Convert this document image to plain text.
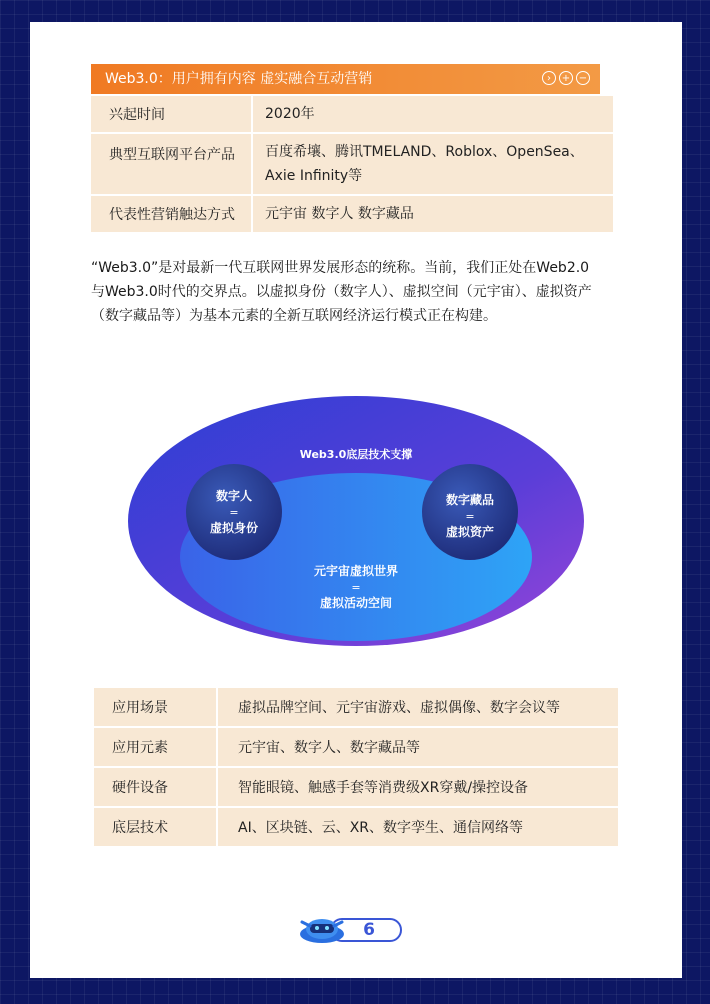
Web3.0：用户拥有内容 虚实融合互动营销	›	+ −
兴起时间	2020年
典型互联网平台产品	百度希壤、腾讯TMELAND、Roblox、OpenSea、
Axie Infinity等
代表性营销触达方式	元宇宙 数字人 数字藏品
“Web3.0”是对最新一代互联网世界发展形态的统称。当前，我们正处在Web2.0
与Web3.0时代的交界点。以虚拟身份（数字人）、虚拟空间（元宇宙）、虚拟资产
（数字藏品等）为基本元素的全新互联网经济运行模式正在构建。
Web3.0底层技术支撑
数字人
=
虚拟身份
数字藏品
=
虚拟资产
元宇宙虚拟世界
=
虚拟活动空间
应用场景	虚拟品牌空间、元宇宙游戏、虚拟偶像、数字会议等
应用元素	元宇宙、数字人、数字藏品等
硬件设备	智能眼镜、触感手套等消费级XR穿戴/操控设备
底层技术	AI、区块链、云、XR、数字孪生、通信网络等
6
